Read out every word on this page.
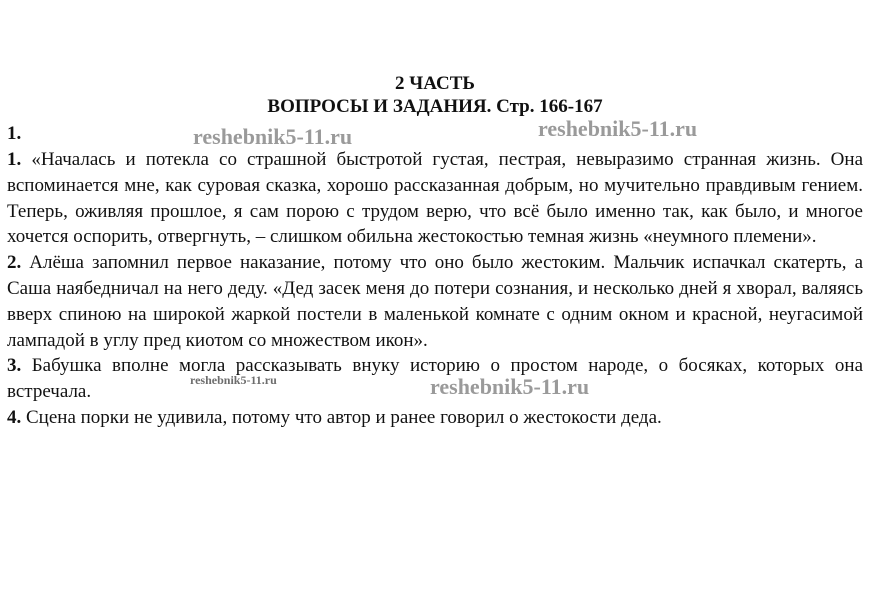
2 ЧАСТЬ
ВОПРОСЫ И ЗАДАНИЯ. Стр. 166-167
1.

1. «Началась и потекла со страшной быстротой густая, пестрая, невыразимо странная жизнь. Она вспоминается мне, как суровая сказка, хорошо рассказанная добрым, но мучительно правдивым гением. Теперь, оживляя прошлое, я сам порою с трудом верю, что всё было именно так, как было, и многое хочется оспорить, отвергнуть, – слишком обильна жестокостью темная жизнь «неумного племени».

2. Алёша запомнил первое наказание, потому что оно было жестоким. Мальчик испачкал скатерть, а Саша наябедничал на него деду. «Дед засек меня до потери сознания, и несколько дней я хворал, валяясь вверх спиною на широкой жаркой постели в маленькой комнате с одним окном и красной, неугасимой лампадой в углу пред киотом со множеством икон».

3. Бабушка вполне могла рассказывать внуку историю о простом народе, о босяках, которых она встречала.

4. Сцена порки не удивила, потому что автор и ранее говорил о жестокости деда.

reshebnik5-11.ru	reshebnik5-11.ru
reshebnik5-11.ru	reshebnik5-11.ru
